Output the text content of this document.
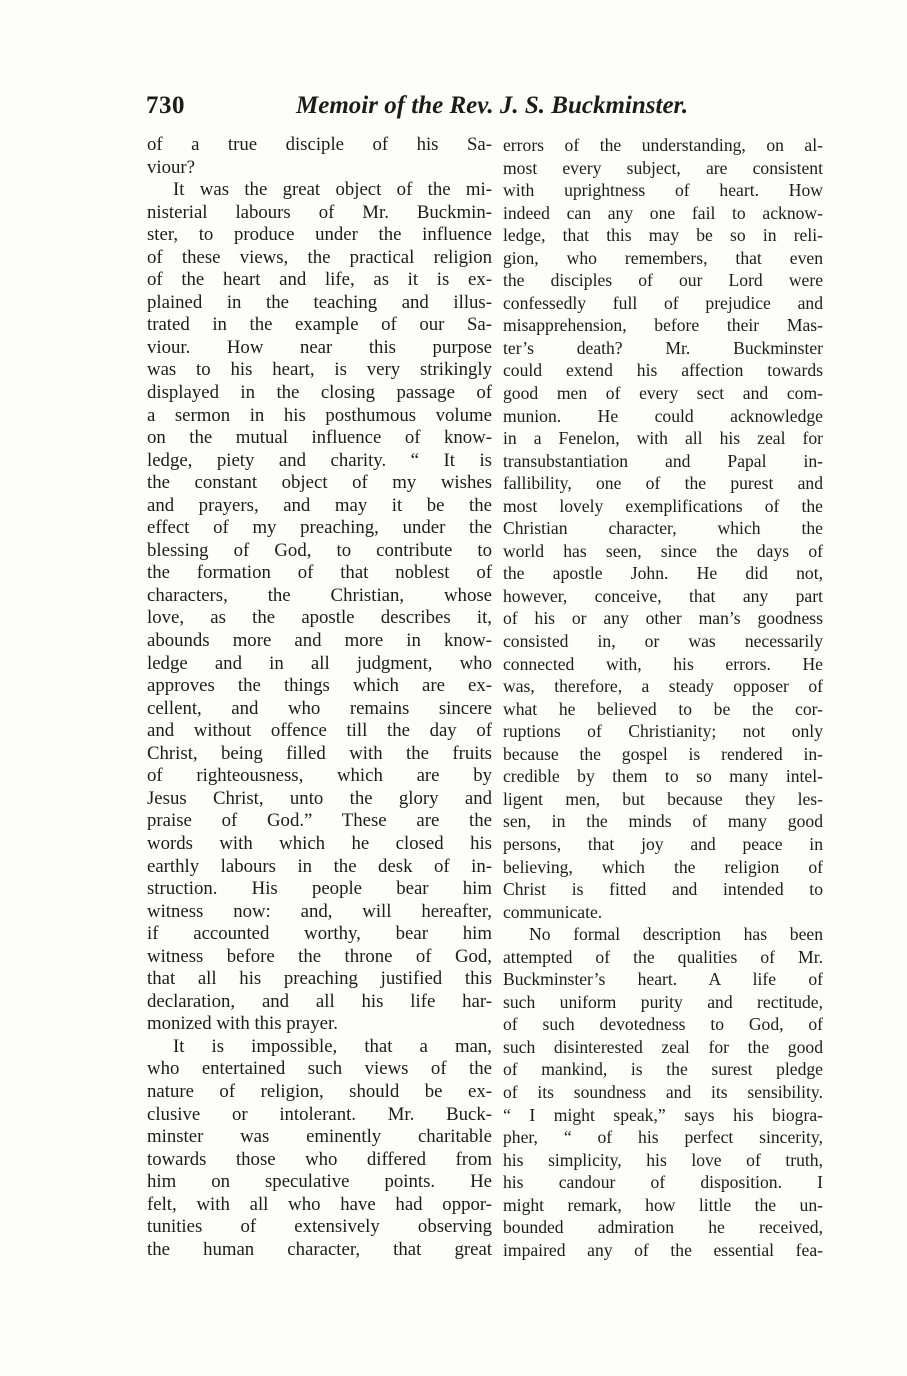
730	Memoir of the Rev. J. S. Buckminster.
of a true disciple of his Sa-
viour?
It was the great object of the mi-
nisterial labours of Mr. Buckmin-
ster, to produce under the influence
of these views, the practical religion
of the heart and life, as it is ex-
plained in the teaching and illus-
trated in the example of our Sa-
viour. How near this purpose
was to his heart, is very strikingly
displayed in the closing passage of
a sermon in his posthumous volume
on the mutual influence of know-
ledge, piety and charity. “ It is
the constant object of my wishes
and prayers, and may it be the
effect of my preaching, under the
blessing of God, to contribute to
the formation of that noblest of
characters, the Christian, whose
love, as the apostle describes it,
abounds more and more in know-
ledge and in all judgment, who
approves the things which are ex-
cellent, and who remains sincere
and without offence till the day of
Christ, being filled with the fruits
of righteousness, which are by
Jesus Christ, unto the glory and
praise of God.” These are the
words with which he closed his
earthly labours in the desk of in-
struction. His people bear him
witness now: and, will hereafter,
if accounted worthy, bear him
witness before the throne of God,
that all his preaching justified this
declaration, and all his life har-
monized with this prayer.
It is impossible, that a man,
who entertained such views of the
nature of religion, should be ex-
clusive or intolerant. Mr. Buck-
minster was eminently charitable
towards those who differed from
him on speculative points. He
felt, with all who have had oppor-
tunities of extensively observing
the human character, that great
errors of the understanding, on al-
most every subject, are consistent
with uprightness of heart. How
indeed can any one fail to acknow-
ledge, that this may be so in reli-
gion, who remembers, that even
the disciples of our Lord were
confessedly full of prejudice and
misapprehension, before their Mas-
ter’s death? Mr. Buckminster
could extend his affection towards
good men of every sect and com-
munion. He could acknowledge
in a Fenelon, with all his zeal for
transubstantiation and Papal in-
fallibility, one of the purest and
most lovely exemplifications of the
Christian character, which the
world has seen, since the days of
the apostle John. He did not,
however, conceive, that any part
of his or any other man’s goodness
consisted in, or was necessarily
connected with, his errors. He
was, therefore, a steady opposer of
what he believed to be the cor-
ruptions of Christianity; not only
because the gospel is rendered in-
credible by them to so many intel-
ligent men, but because they les-
sen, in the minds of many good
persons, that joy and peace in
believing, which the religion of
Christ is fitted and intended to
communicate.
No formal description has been
attempted of the qualities of Mr.
Buckminster’s heart. A life of
such uniform purity and rectitude,
of such devotedness to God, of
such disinterested zeal for the good
of mankind, is the surest pledge
of its soundness and its sensibility.
“ I might speak,” says his biogra-
pher, “ of his perfect sincerity,
his simplicity, his love of truth,
his candour of disposition. I
might remark, how little the un-
bounded admiration he received,
impaired any of the essential fea-
